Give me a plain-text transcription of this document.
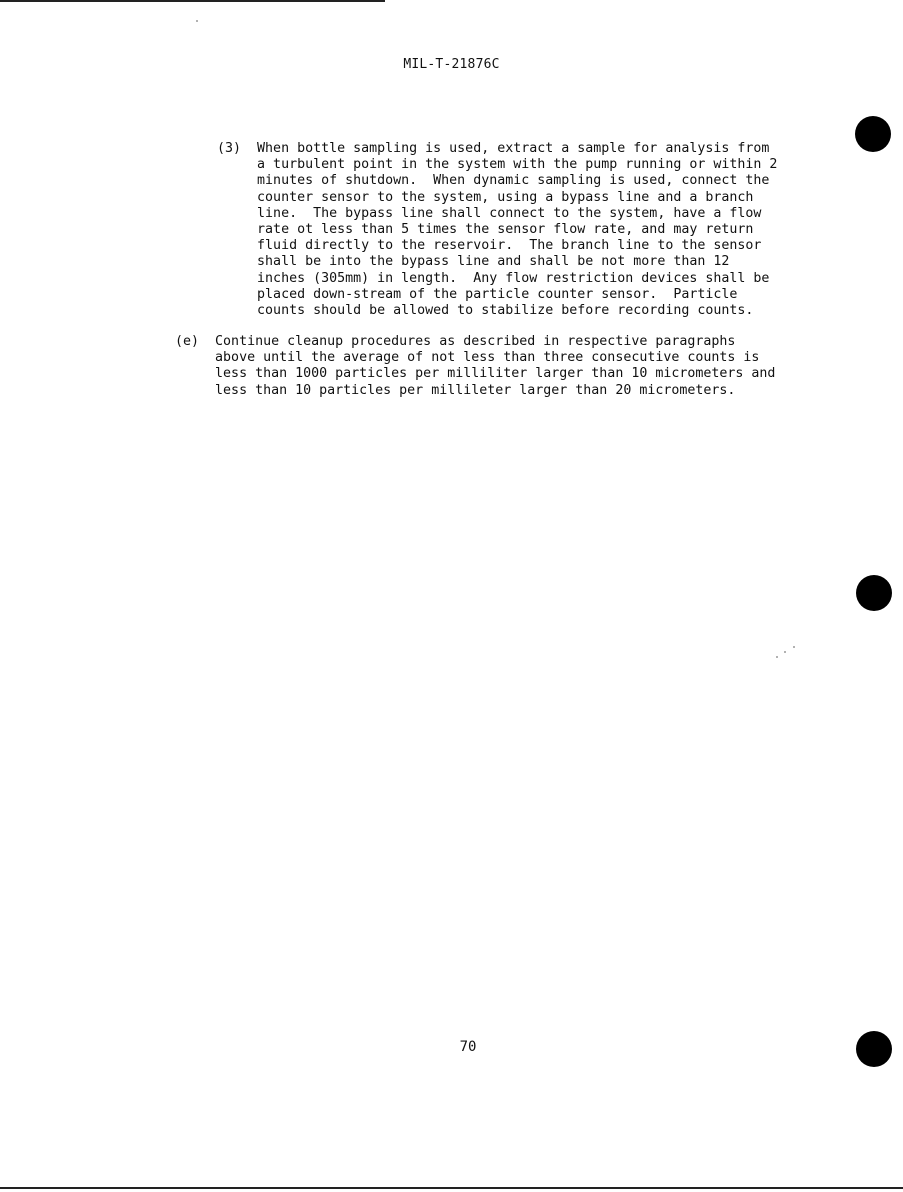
MIL-T-21876C
(3) When bottle sampling is used, extract a sample for analysis from
a turbulent point in the system with the pump running or within 2
minutes of shutdown.  When dynamic sampling is used, connect the
counter sensor to the system, using a bypass line and a branch
line.  The bypass line shall connect to the system, have a flow
rate ot less than 5 times the sensor flow rate, and may return
fluid directly to the reservoir.  The branch line to the sensor
shall be into the bypass line and shall be not more than 12
inches (305mm) in length.  Any flow restriction devices shall be
placed down-stream of the particle counter sensor.  Particle
counts should be allowed to stabilize before recording counts.
(e) Continue cleanup procedures as described in respective paragraphs
above until the average of not less than three consecutive counts is
less than 1000 particles per milliliter larger than 10 micrometers and
less than 10 particles per millileter larger than 20 micrometers.
70
